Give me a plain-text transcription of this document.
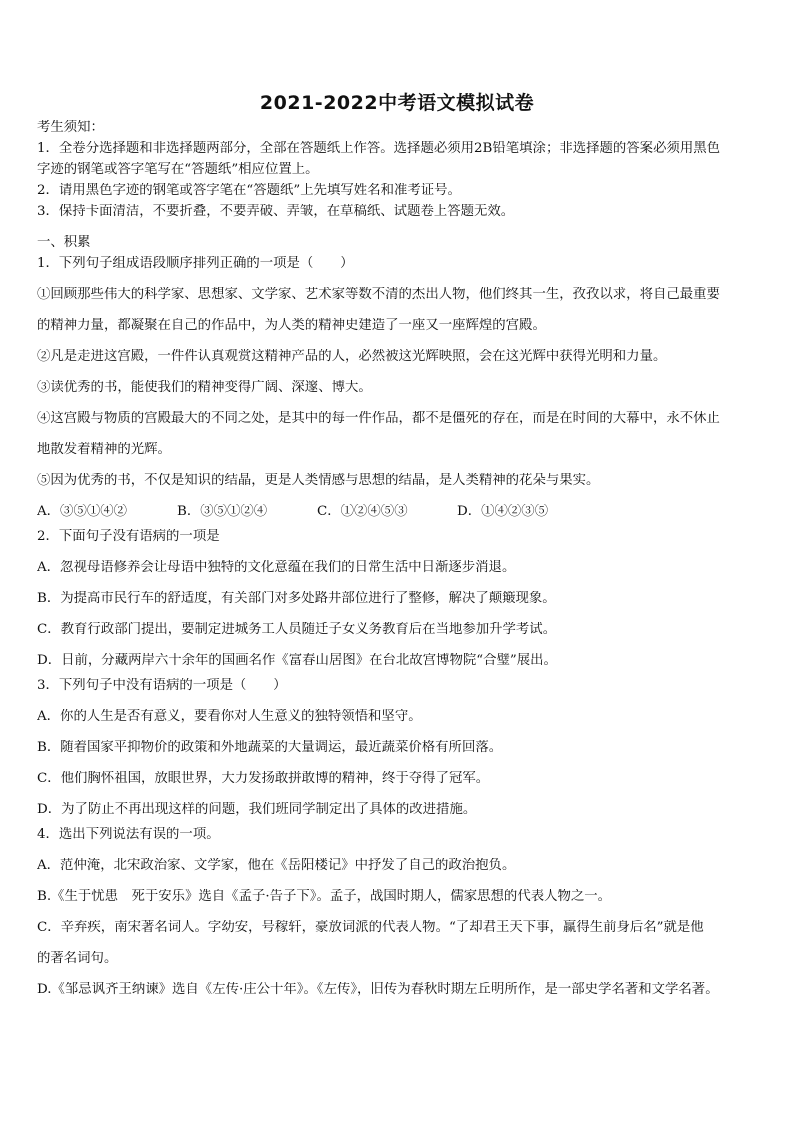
2021-2022中考语文模拟试卷
考生须知：
1．全卷分选择题和非选择题两部分，全部在答题纸上作答。选择题必须用2B铅笔填涂；非选择题的答案必须用黑色
字迹的钢笔或答字笔写在“答题纸”相应位置上。
2．请用黑色字迹的钢笔或答字笔在“答题纸”上先填写姓名和准考证号。
3．保持卡面清洁，不要折叠，不要弄破、弄皱，在草稿纸、试题卷上答题无效。
一、积累
1．下列句子组成语段顺序排列正确的一项是（　　）
①回顾那些伟大的科学家、思想家、文学家、艺术家等数不清的杰出人物，他们终其一生，孜孜以求，将自己最重要
的精神力量，都凝聚在自己的作品中，为人类的精神史建造了一座又一座辉煌的宫殿。
②凡是走进这宫殿，一件件认真观赏这精神产品的人，必然被这光辉映照，会在这光辉中获得光明和力量。
③读优秀的书，能使我们的精神变得广阔、深邃、博大。
④这宫殿与物质的宫殿最大的不同之处，是其中的每一件作品，都不是僵死的存在，而是在时间的大幕中，永不休止
地散发着精神的光辉。
⑤因为优秀的书，不仅是知识的结晶，更是人类情感与思想的结晶，是人类精神的花朵与果实。
A．③⑤①④②	B．③⑤①②④	C．①②④⑤③	D．①④②③⑤
2．下面句子没有语病的一项是
A．忽视母语修养会让母语中独特的文化意蕴在我们的日常生活中日渐逐步消退。
B．为提高市民行车的舒适度，有关部门对多处路井部位进行了整修，解决了颠簸现象。
C．教育行政部门提出，要制定进城务工人员随迁子女义务教育后在当地参加升学考试。
D．日前，分藏两岸六十余年的国画名作《富春山居图》在台北故宫博物院“合璧”展出。
3．下列句子中没有语病的一项是（　　）
A．你的人生是否有意义，要看你对人生意义的独特领悟和坚守。
B．随着国家平抑物价的政策和外地蔬菜的大量调运，最近蔬菜价格有所回落。
C．他们胸怀祖国，放眼世界，大力发扬敢拼敢博的精神，终于夺得了冠军。
D．为了防止不再出现这样的问题，我们班同学制定出了具体的改进措施。
4．选出下列说法有误的一项。
A．范仲淹，北宋政治家、文学家，他在《岳阳楼记》中抒发了自己的政治抱负。
B.《生于忧患　死于安乐》选自《孟子·告子下》。孟子，战国时期人，儒家思想的代表人物之一。
C．辛弃疾，南宋著名词人。字幼安，号稼轩，豪放词派的代表人物。“了却君王天下事，赢得生前身后名”就是他
的著名词句。
D.《邹忌讽齐王纳谏》选自《左传·庄公十年》。《左传》，旧传为春秋时期左丘明所作，是一部史学名著和文学名著。
